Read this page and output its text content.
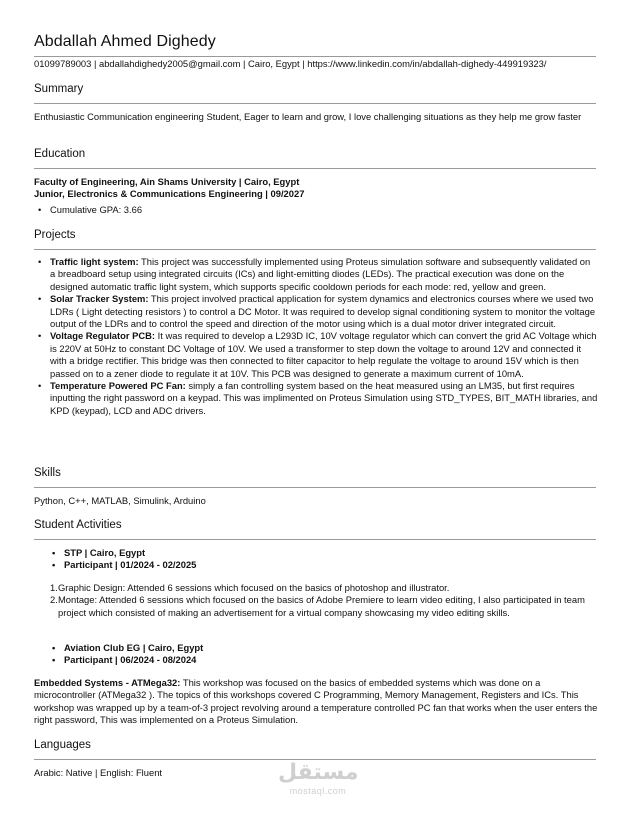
Abdallah Ahmed Dighedy
01099789003 | abdallahdighedy2005@gmail.com | Cairo, Egypt | https://www.linkedin.com/in/abdallah-dighedy-449919323/
Summary
Enthusiastic Communication engineering Student, Eager to learn and grow, I love challenging situations as they help me grow faster
Education
Faculty of Engineering, Ain Shams University | Cairo, Egypt
Junior, Electronics & Communications Engineering | 09/2027
• Cumulative GPA: 3.66
Projects
• Traffic light system: This project was successfully implemented using Proteus simulation software and subsequently validated on a breadboard setup using integrated circuits (ICs) and light-emitting diodes (LEDs). The practical execution was done on the designed automatic traffic light system, which supports specific cooldown periods for each mode: red, yellow and green.
• Solar Tracker System: This project involved practical application for system dynamics and electronics courses where we used two LDRs ( Light detecting resistors ) to control a DC Motor. It was required to develop signal conditioning system to monitor the voltage output of the LDRs and to control the speed and direction of the motor using which is a dual motor driver integrated circuit.
• Voltage Regulator PCB: It was required to develop a L293D IC, 10V voltage regulator which can convert the grid AC Voltage which is 220V at 50Hz to constant DC Voltage of 10V. We used a transformer to step down the voltage to around 12V and connected it with a bridge rectifier. This bridge was then connected to filter capacitor to help regulate the voltage to around 15V which is then passed on to a zener diode to regulate it at 10V. This PCB was designed to generate a maximum current of 10mA.
• Temperature Powered PC Fan: simply a fan controlling system based on the heat measured using an LM35, but first requires inputting the right password on a keypad. This was implimented on Proteus Simulation using STD_TYPES, BIT_MATH libraries, and KPD (keypad), LCD and ADC drivers.
Skills
Python, C++, MATLAB, Simulink, Arduino
Student Activities
• STP | Cairo, Egypt
• Participant | 01/2024 - 02/2025
1. Graphic Design: Attended 6 sessions which focused on the basics of photoshop and illustrator.
2. Montage: Attended 6 sessions which focused on the basics of Adobe Premiere to learn video editing, I also participated in team project which consisted of making an advertisement for a virtual company showcasing my video editing skills.
• Aviation Club EG | Cairo, Egypt
• Participant | 06/2024 - 08/2024
Embedded Systems - ATMega32: This workshop was focused on the basics of embedded systems which was done on a microcontroller (ATMega32 ). The topics of this workshops covered C Programming, Memory Management, Registers and ICs. This workshop was wrapped up by a team-of-3 project revolving around a temperature controlled PC fan that works when the user enters the right password, This was implemented on a Proteus Simulation.
Languages
Arabic: Native | English: Fluent	مستقل
mostaql.com
